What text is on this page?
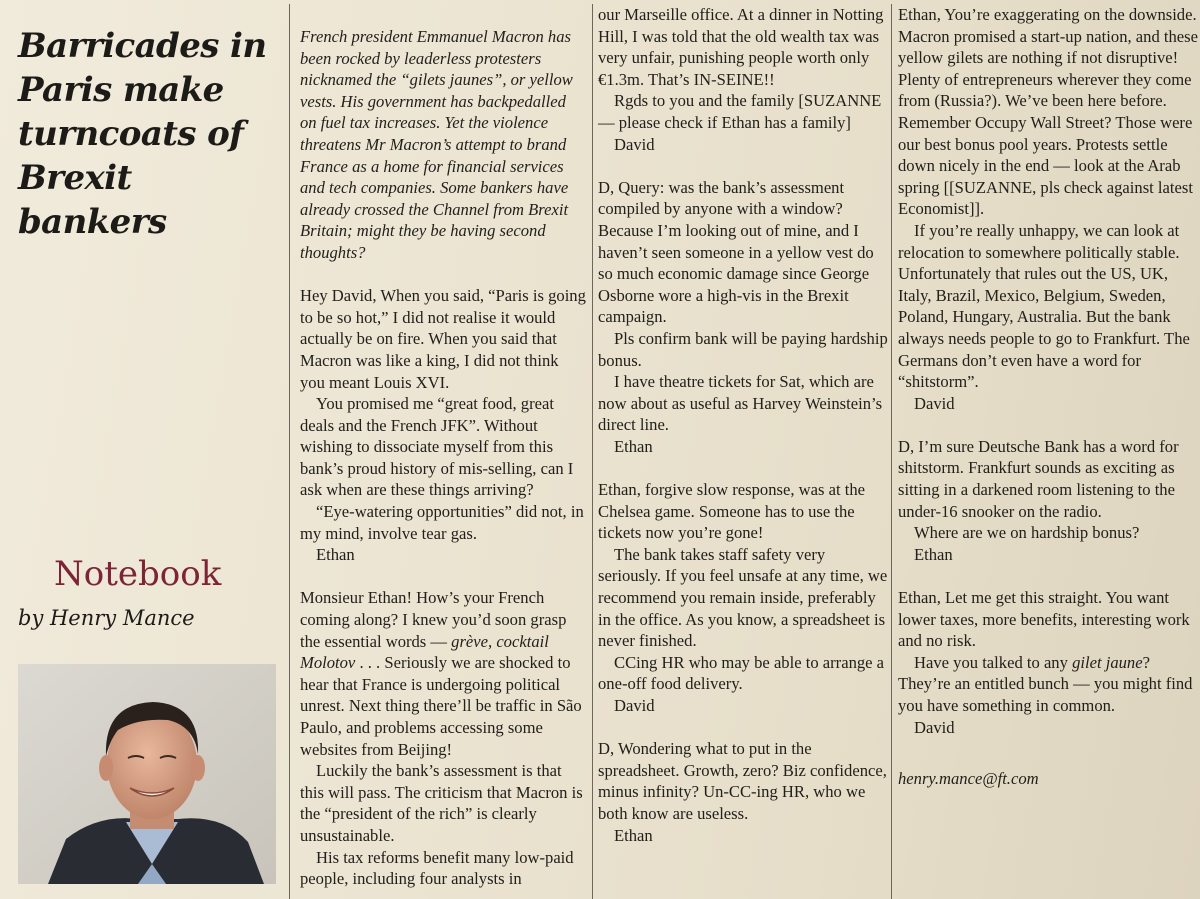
Barricades in Paris make turncoats of Brexit bankers
Notebook

by Henry Mance

French president Emmanuel Macron has been rocked by leaderless protesters nicknamed the “gilets jaunes”, or yellow vests. His government has backpedalled on fuel tax increases. Yet the violence threatens Mr Macron’s attempt to brand France as a home for financial services and tech companies. Some bankers have already crossed the Channel from Brexit Britain; might they be having second thoughts?

Hey David, When you said, “Paris is going to be so hot,” I did not realise it would actually be on fire. When you said that Macron was like a king, I did not think you meant Louis XVI.

You promised me “great food, great deals and the French JFK”. Without wishing to dissociate myself from this bank’s proud history of mis-selling, can I ask when are these things arriving?

“Eye-watering opportunities” did not, in my mind, involve tear gas.

Ethan

Monsieur Ethan! How’s your French coming along? I knew you’d soon grasp the essential words — grève, cocktail Molotov . . . Seriously we are shocked to hear that France is undergoing political unrest. Next thing there’ll be traffic in São Paulo, and problems accessing some websites from Beijing!

Luckily the bank’s assessment is that this will pass. The criticism that Macron is the “president of the rich” is clearly unsustainable.

His tax reforms benefit many low-paid people, including four analysts in

our Marseille office. At a dinner in Notting Hill, I was told that the old wealth tax was very unfair, punishing people worth only €1.3m. That’s IN-SEINE!!

Rgds to you and the family [SUZANNE — please check if Ethan has a family]

David

D, Query: was the bank’s assessment compiled by anyone with a window? Because I’m looking out of mine, and I haven’t seen someone in a yellow vest do so much economic damage since George Osborne wore a high-vis in the Brexit campaign.

Pls confirm bank will be paying hardship bonus.

I have theatre tickets for Sat, which are now about as useful as Harvey Weinstein’s direct line.

Ethan

Ethan, forgive slow response, was at the Chelsea game. Someone has to use the tickets now you’re gone!

The bank takes staff safety very seriously. If you feel unsafe at any time, we recommend you remain inside, preferably in the office. As you know, a spreadsheet is never finished.

CCing HR who may be able to arrange a one-off food delivery.

David

D, Wondering what to put in the spreadsheet. Growth, zero? Biz confidence, minus infinity? Un-CC-ing HR, who we both know are useless.

Ethan

Ethan, You’re exaggerating on the downside. Macron promised a start-up nation, and these yellow gilets are nothing if not disruptive! Plenty of entrepreneurs wherever they come from (Russia?). We’ve been here before. Remember Occupy Wall Street? Those were our best bonus pool years. Protests settle down nicely in the end — look at the Arab spring [[SUZANNE, pls check against latest Economist]].

If you’re really unhappy, we can look at relocation to somewhere politically stable. Unfortunately that rules out the US, UK, Italy, Brazil, Mexico, Belgium, Sweden, Poland, Hungary, Australia. But the bank always needs people to go to Frankfurt. The Germans don’t even have a word for “shitstorm”.

David

D, I’m sure Deutsche Bank has a word for shitstorm. Frankfurt sounds as exciting as sitting in a darkened room listening to the under-16 snooker on the radio.

Where are we on hardship bonus?

Ethan

Ethan, Let me get this straight. You want lower taxes, more benefits, interesting work and no risk.

Have you talked to any gilet jaune? They’re an entitled bunch — you might find you have something in common.

David

henry.mance@ft.com
